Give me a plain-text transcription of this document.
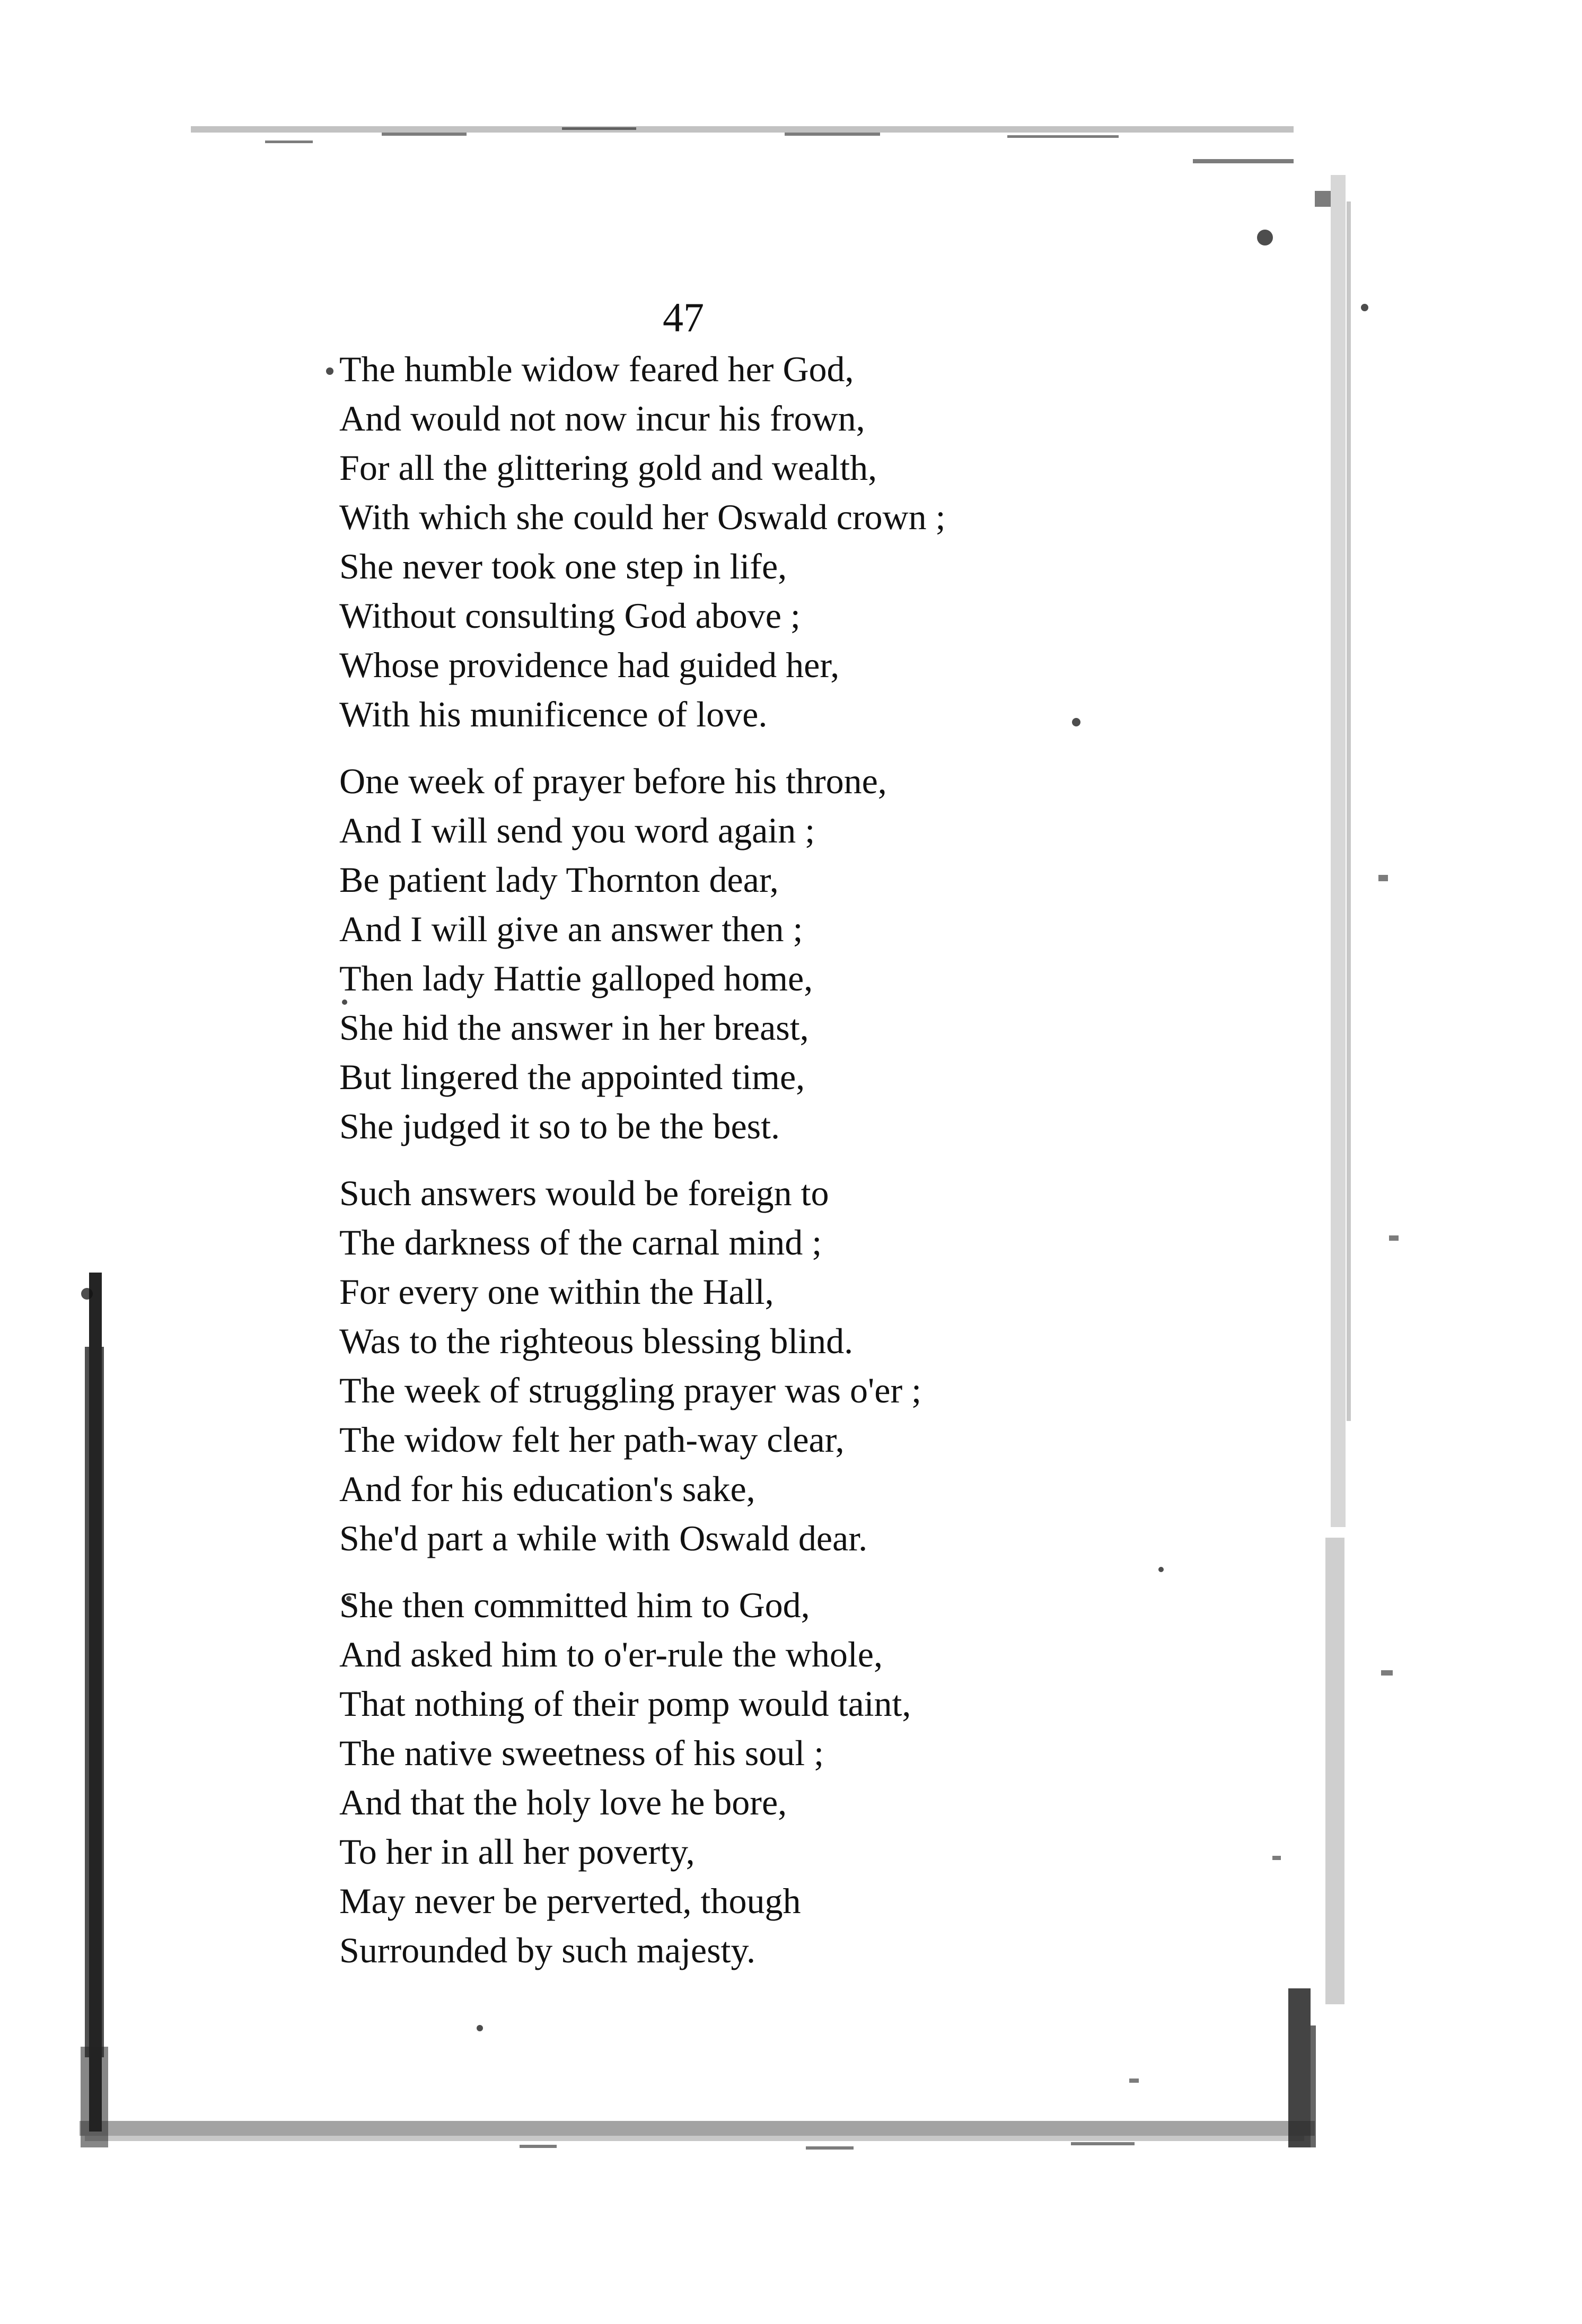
47
The humble widow feared her God,
And would not now incur his frown,
For all the glittering gold and wealth,
With which she could her Oswald crown ;
She never took one step in life,
Without consulting God above ;
Whose providence had guided her,
With his munificence of love.
One week of prayer before his throne,
And I will send you word again ;
Be patient lady Thornton dear,
And I will give an answer then ;
Then lady Hattie galloped home,
She hid the answer in her breast,
But lingered the appointed time,
She judged it so to be the best.
Such answers would be foreign to
The darkness of the carnal mind ;
For every one within the Hall,
Was to the righteous blessing blind.
The week of struggling prayer was o'er ;
The widow felt her path-way clear,
And for his education's sake,
She'd part a while with Oswald dear.
She then committed him to God,
And asked him to o'er-rule the whole,
That nothing of their pomp would taint,
The native sweetness of his soul ;
And that the holy love he bore,
To her in all her poverty,
May never be perverted, though
Surrounded by such majesty.
